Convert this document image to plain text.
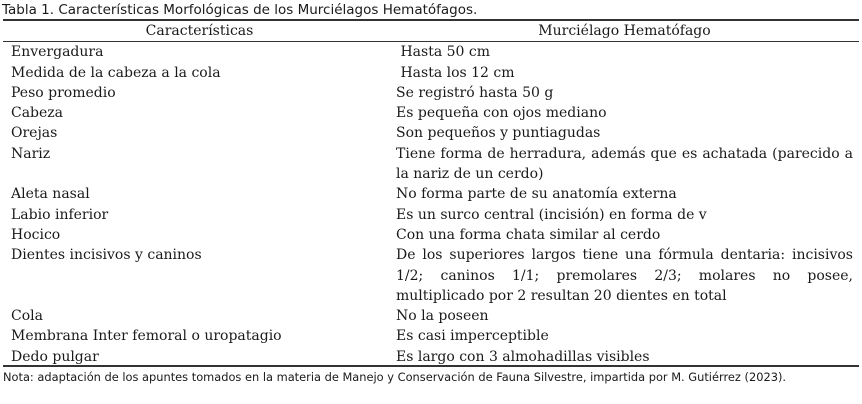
Tabla 1. Características Morfológicas de los Murciélagos Hematófagos.
Características	Murciélago Hematófago

Envergadura	Hasta 50 cm
Medida de la cabeza a la cola	Hasta los 12 cm
Peso promedio	Se registró hasta 50 g
Cabeza	Es pequeña con ojos mediano
Orejas	Son pequeños y puntiagudas
Nariz	Tiene forma de herradura, además que es achatada (parecido a la nariz de un cerdo)
Aleta nasal	No forma parte de su anatomía externa
Labio inferior	Es un surco central (incisión) en forma de v
Hocico	Con una forma chata similar al cerdo
Dientes incisivos y caninos	De los superiores largos tiene una fórmula dentaria: incisivos 1/2; caninos 1/1; premolares 2/3; molares no posee, multiplicado por 2 resultan 20 dientes en total
Cola	No la poseen
Membrana Inter femoral o uropatagio	Es casi imperceptible
Dedo pulgar	Es largo con 3 almohadillas visibles
Nota: adaptación de los apuntes tomados en la materia de Manejo y Conservación de Fauna Silvestre, impartida por M. Gutiérrez (2023).
